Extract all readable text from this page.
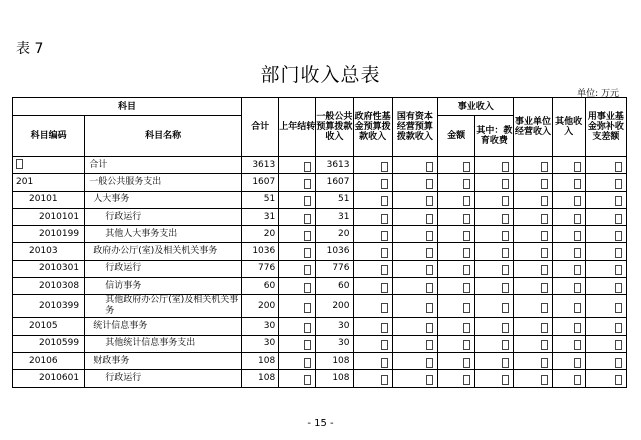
表 7
部门收入总表
单位: 万元
科目		合计	上年结转	一般公共预算拨款收入	政府性基金预算拨款收入	国有资本经营预算拨款收入	事业收入		事业单位经营收入	其他收入	用事业基金弥补收支差额
科目编码	科目名称						金额	其中：教育收费			
	合计	3613		3613	

201	一般公共服务支出	1607		1607	

20101	人大事务	51		51	

2010101	行政运行	31		31	

2010199	其他人大事务支出	20		20	

20103	政府办公厅(室)及相关机关事务	1036		1036	

2010301	行政运行	776		776	

2010308	信访事务	60		60	

2010399	其他政府办公厅(室)及相关机关事务	200		200	

20105	统计信息事务	30		30	

2010599	其他统计信息事务支出	30		30	

20106	财政事务	108		108	

2010601	行政运行	108		108	

- 15 -
